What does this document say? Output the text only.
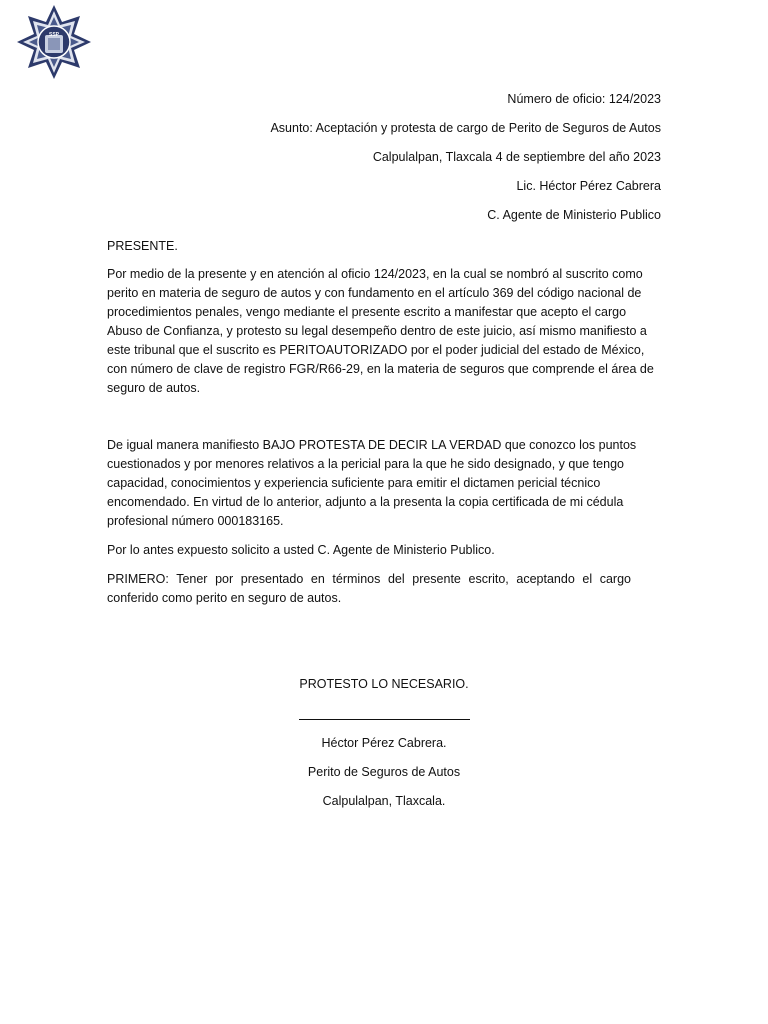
SSP
Número de oficio: 124/2023
Asunto: Aceptación y protesta de cargo de Perito de Seguros de Autos
Calpulalpan, Tlaxcala 4 de septiembre del año 2023
Lic. Héctor Pérez Cabrera
C. Agente de Ministerio Publico
PRESENTE.
Por medio de la presente y en atención al oficio 124/2023, en la cual se nombró al suscrito como perito en materia de seguro de autos y con fundamento en el artículo 369 del código nacional de procedimientos penales, vengo mediante el presente escrito a manifestar que acepto el cargo Abuso de Confianza, y protesto su legal desempeño dentro de este juicio, así mismo manifiesto a este tribunal que el suscrito es PERITOAUTORIZADO por el poder judicial del estado de México, con número de clave de registro FGR/R66-29, en la materia de seguros que comprende el área de seguro de autos.
De igual manera manifiesto BAJO PROTESTA DE DECIR LA VERDAD que conozco los puntos cuestionados y por menores relativos a la pericial para la que he sido designado, y que tengo capacidad, conocimientos y experiencia suficiente para emitir el dictamen pericial técnico encomendado. En virtud de lo anterior, adjunto a la presenta la copia certificada de mi cédula profesional número 000183165.
Por lo antes expuesto solicito a usted C. Agente de Ministerio Publico.
PRIMERO: Tener por presentado en términos del presente escrito, aceptando el cargo conferido como perito en seguro de autos.
PROTESTO LO NECESARIO.
Héctor Pérez Cabrera.
Perito de Seguros de Autos
Calpulalpan, Tlaxcala.
